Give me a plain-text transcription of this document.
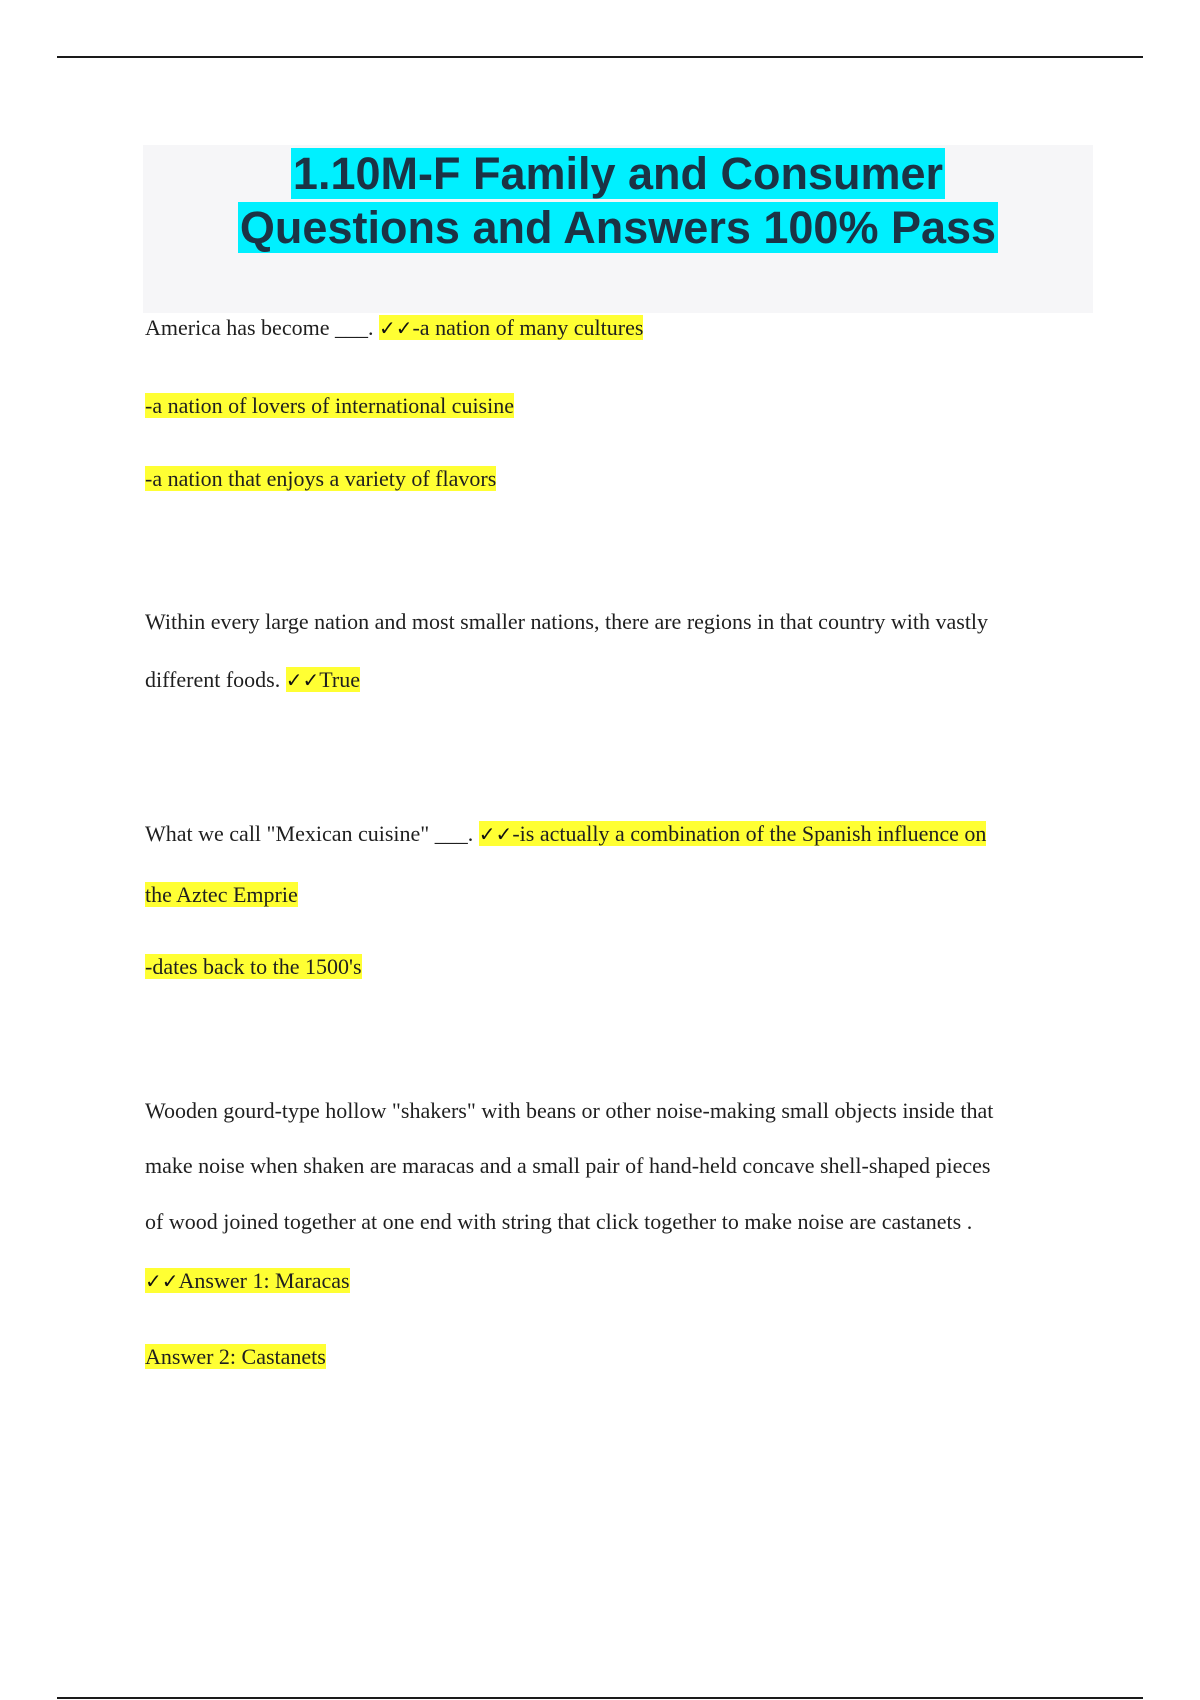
1.10M-F Family and Consumer
Questions and Answers 100% Pass
America has become ___. ✓✓-a nation of many cultures
-a nation of lovers of international cuisine
-a nation that enjoys a variety of flavors
Within every large nation and most smaller nations, there are regions in that country with vastly
different foods. ✓✓True
What we call "Mexican cuisine" ___. ✓✓-is actually a combination of the Spanish influence on
the Aztec Emprie
-dates back to the 1500's
Wooden gourd-type hollow "shakers" with beans or other noise-making small objects inside that
make noise when shaken are maracas and a small pair of hand-held concave shell-shaped pieces
of wood joined together at one end with string that click together to make noise are castanets .
✓✓Answer 1: Maracas
Answer 2: Castanets
